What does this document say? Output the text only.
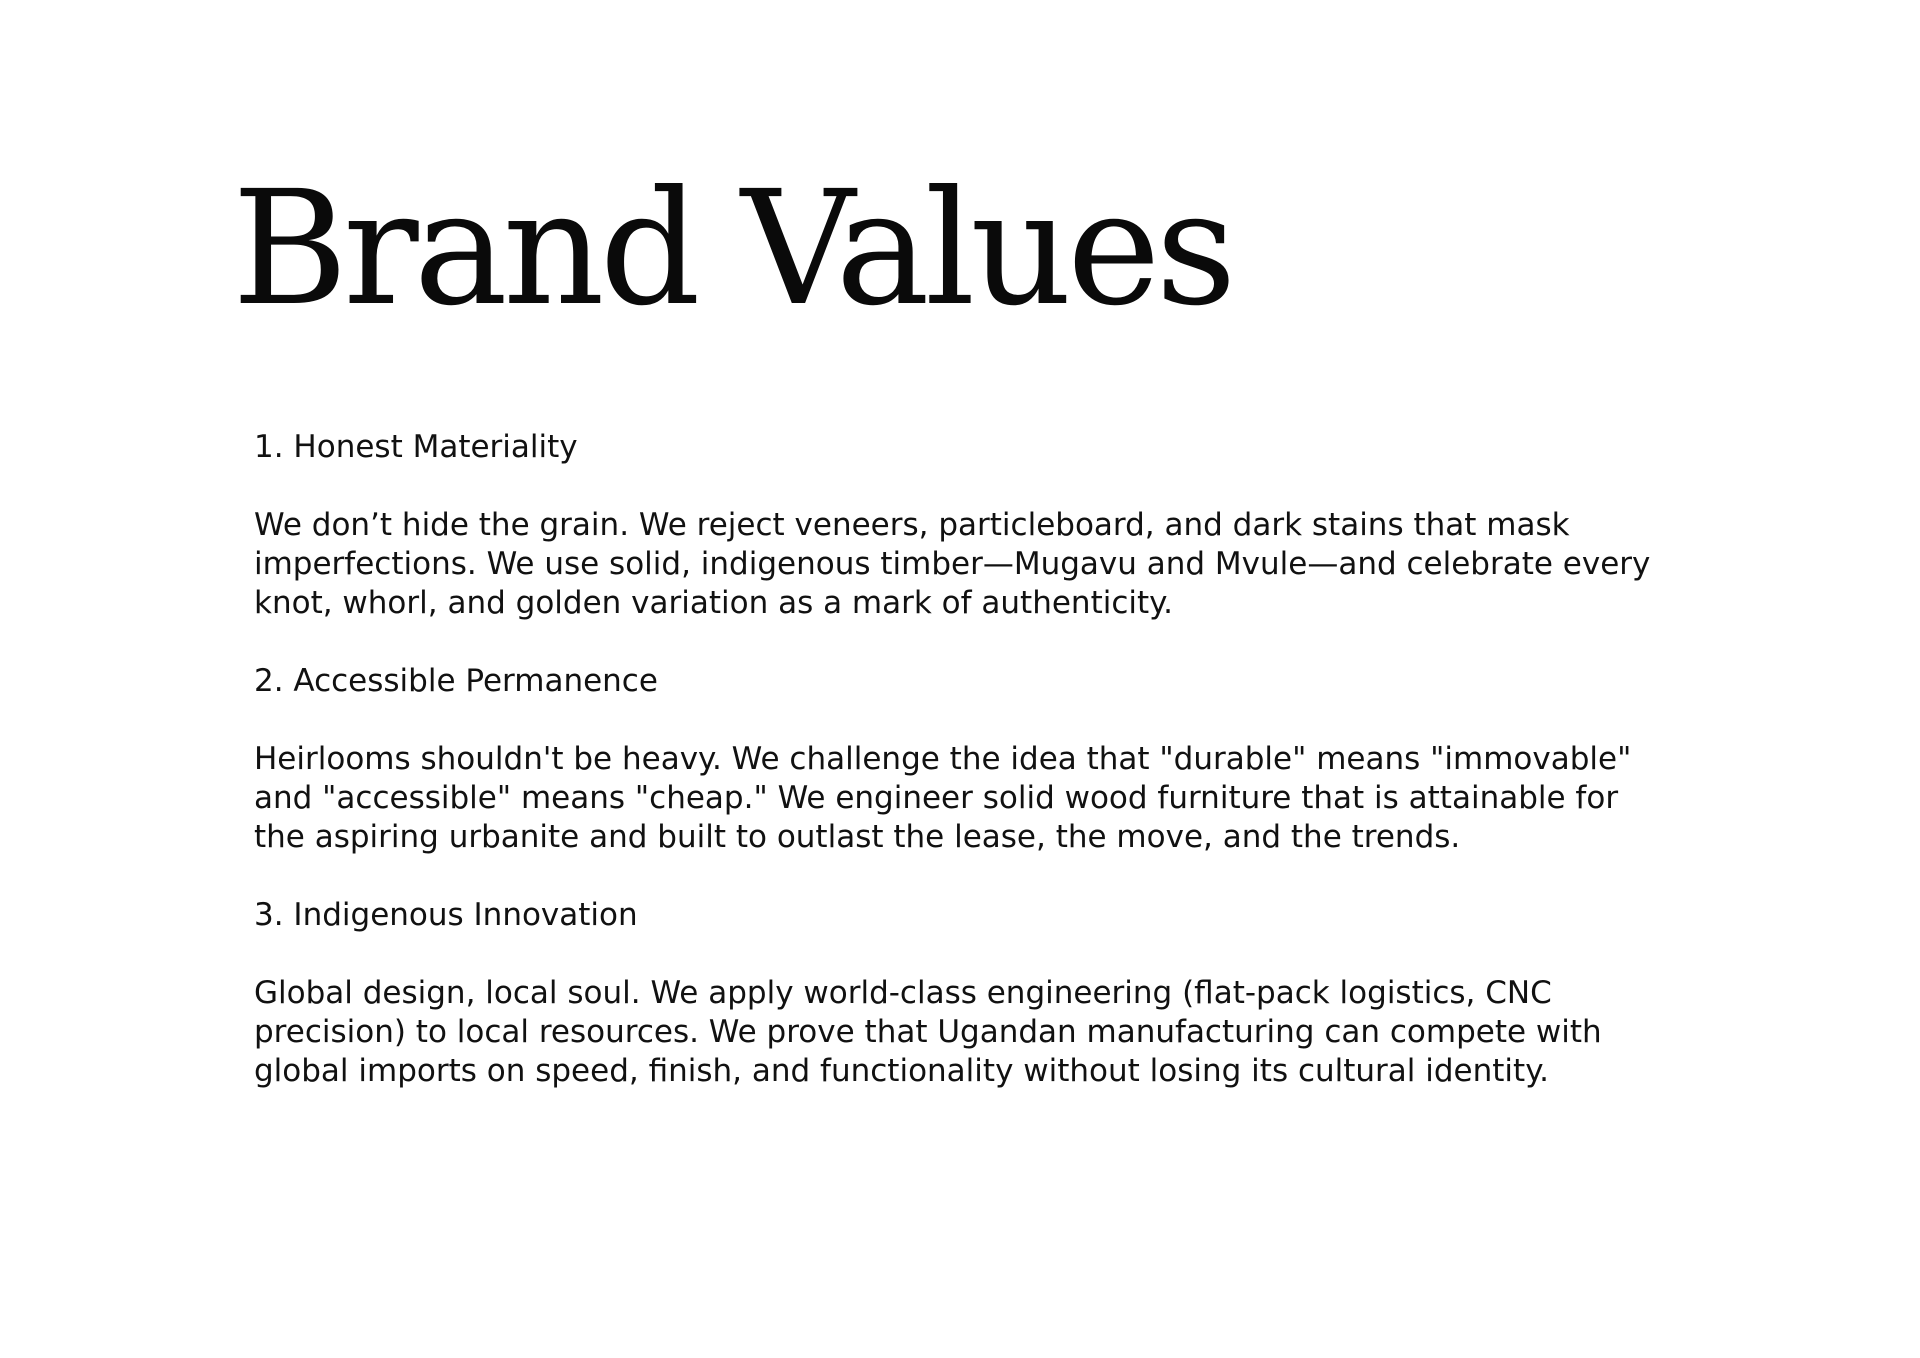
Brand Values
1. Honest Materiality

We don’t hide the grain. We reject veneers, particleboard, and dark stains that mask imperfections. We use solid, indigenous timber—Mugavu and Mvule—and celebrate every knot, whorl, and golden variation as a mark of authenticity.

2. Accessible Permanence

Heirlooms shouldn't be heavy. We challenge the idea that "durable" means "immovable" and "accessible" means "cheap." We engineer solid wood furniture that is attainable for the aspiring urbanite and built to outlast the lease, the move, and the trends.

3. Indigenous Innovation

Global design, local soul. We apply world-class engineering (flat-pack logistics, CNC precision) to local resources. We prove that Ugandan manufacturing can compete with global imports on speed, finish, and functionality without losing its cultural identity.
